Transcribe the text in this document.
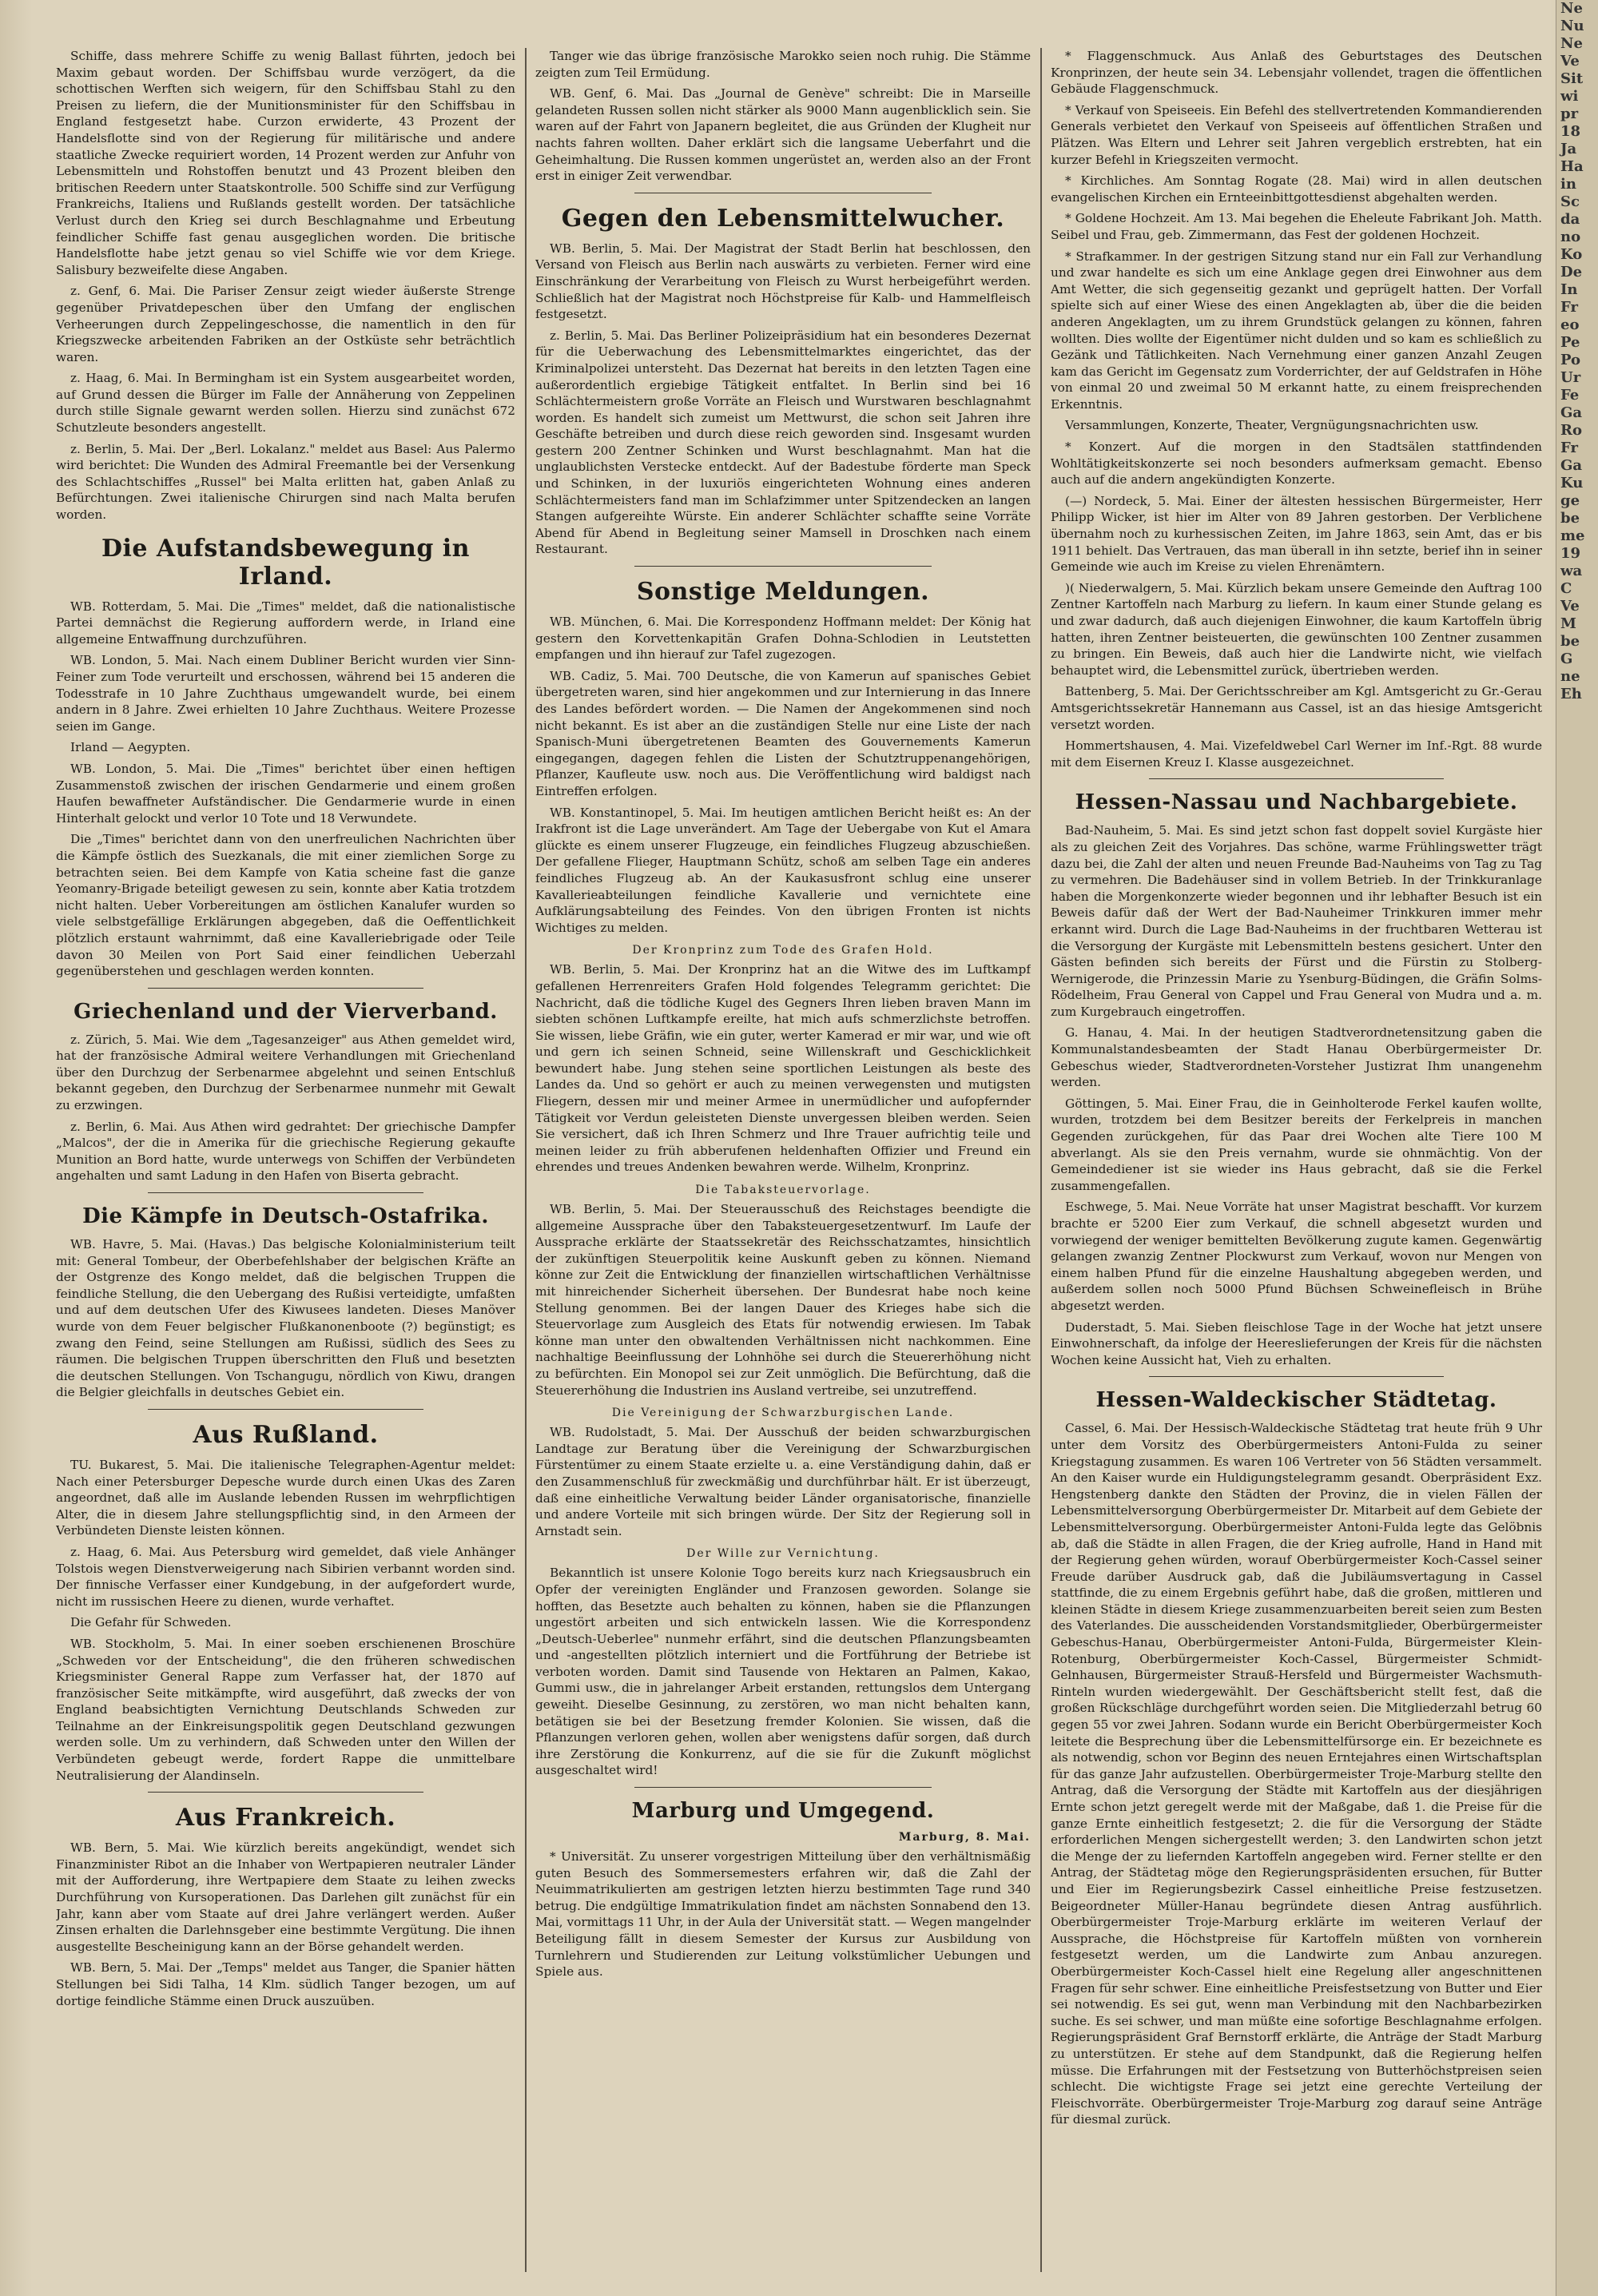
Schiffe, dass mehrere Schiffe zu wenig Ballast führten, jedoch bei Maxim gebaut worden. Der Schiffsbau wurde verzögert, da die schottischen Werften sich weigern, für den Schiffsbau Stahl zu den Preisen zu liefern, die der Munitionsminister für den Schiffsbau in England festgesetzt habe. Curzon erwiderte, 43 Prozent der Handelsflotte sind von der Regierung für militärische und andere staatliche Zwecke requiriert worden, 14 Prozent werden zur Anfuhr von Lebensmitteln und Rohstoffen benutzt und 43 Prozent bleiben den britischen Reedern unter Staatskontrolle. 500 Schiffe sind zur Verfügung Frankreichs, Italiens und Rußlands gestellt worden. Der tatsächliche Verlust durch den Krieg sei durch Beschlagnahme und Erbeutung feindlicher Schiffe fast genau ausgeglichen worden. Die britische Handelsflotte habe jetzt genau so viel Schiffe wie vor dem Kriege. Salisbury bezweifelte diese Angaben.

z. Genf, 6. Mai. Die Pariser Zensur zeigt wieder äußerste Strenge gegenüber Privatdepeschen über den Umfang der englischen Verheerungen durch Zeppelingeschosse, die namentlich in den für Kriegszwecke arbeitenden Fabriken an der Ostküste sehr beträchtlich waren.

z. Haag, 6. Mai. In Bermingham ist ein System ausgearbeitet worden, auf Grund dessen die Bürger im Falle der Annäherung von Zeppelinen durch stille Signale gewarnt werden sollen. Hierzu sind zunächst 672 Schutzleute besonders angestellt.

z. Berlin, 5. Mai. Der „Berl. Lokalanz." meldet aus Basel: Aus Palermo wird berichtet: Die Wunden des Admiral Freemantle bei der Versenkung des Schlachtschiffes „Russel" bei Malta erlitten hat, gaben Anlaß zu Befürchtungen. Zwei italienische Chirurgen sind nach Malta berufen worden.

Die Aufstandsbewegung in Irland.

WB. Rotterdam, 5. Mai. Die „Times" meldet, daß die nationalistische Partei demnächst die Regierung auffordern werde, in Irland eine allgemeine Entwaffnung durchzuführen.

WB. London, 5. Mai. Nach einem Dubliner Bericht wurden vier Sinn-Feiner zum Tode verurteilt und erschossen, während bei 15 anderen die Todesstrafe in 10 Jahre Zuchthaus umgewandelt wurde, bei einem andern in 8 Jahre. Zwei erhielten 10 Jahre Zuchthaus. Weitere Prozesse seien im Gange.

Irland — Aegypten.

WB. London, 5. Mai. Die „Times" berichtet über einen heftigen Zusammenstoß zwischen der irischen Gendarmerie und einem großen Haufen bewaffneter Aufständischer. Die Gendarmerie wurde in einen Hinterhalt gelockt und verlor 10 Tote und 18 Verwundete.

Die „Times" berichtet dann von den unerfreulichen Nachrichten über die Kämpfe östlich des Suezkanals, die mit einer ziemlichen Sorge zu betrachten seien. Bei dem Kampfe von Katia scheine fast die ganze Yeomanry-Brigade beteiligt gewesen zu sein, konnte aber Katia trotzdem nicht halten. Ueber Vorbereitungen am östlichen Kanalufer wurden so viele selbstgefällige Erklärungen abgegeben, daß die Oeffentlichkeit plötzlich erstaunt wahrnimmt, daß eine Kavalleriebrigade oder Teile davon 30 Meilen von Port Said einer feindlichen Ueberzahl gegenüberstehen und geschlagen werden konnten.

Griechenland und der Vierverband.

z. Zürich, 5. Mai. Wie dem „Tagesanzeiger" aus Athen gemeldet wird, hat der französische Admiral weitere Verhandlungen mit Griechenland über den Durchzug der Serbenarmee abgelehnt und seinen Entschluß bekannt gegeben, den Durchzug der Serbenarmee nunmehr mit Gewalt zu erzwingen.

z. Berlin, 6. Mai. Aus Athen wird gedrahtet: Der griechische Dampfer „Malcos", der die in Amerika für die griechische Regierung gekaufte Munition an Bord hatte, wurde unterwegs von Schiffen der Verbündeten angehalten und samt Ladung in den Hafen von Biserta gebracht.

Die Kämpfe in Deutsch-Ostafrika.

WB. Havre, 5. Mai. (Havas.) Das belgische Kolonialministerium teilt mit: General Tombeur, der Oberbefehlshaber der belgischen Kräfte an der Ostgrenze des Kongo meldet, daß die belgischen Truppen die feindliche Stellung, die den Uebergang des Rußisi verteidigte, umfaßten und auf dem deutschen Ufer des Kiwusees landeten. Dieses Manöver wurde von dem Feuer belgischer Flußkanonenboote (?) begünstigt; es zwang den Feind, seine Stellungen am Rußissi, südlich des Sees zu räumen. Die belgischen Truppen überschritten den Fluß und besetzten die deutschen Stellungen. Von Tschangugu, nördlich von Kiwu, drangen die Belgier gleichfalls in deutsches Gebiet ein.

Aus Rußland.

TU. Bukarest, 5. Mai. Die italienische Telegraphen-Agentur meldet: Nach einer Petersburger Depesche wurde durch einen Ukas des Zaren angeordnet, daß alle im Auslande lebenden Russen im wehrpflichtigen Alter, die in diesem Jahre stellungspflichtig sind, in den Armeen der Verbündeten Dienste leisten können.

z. Haag, 6. Mai. Aus Petersburg wird gemeldet, daß viele Anhänger Tolstois wegen Dienstverweigerung nach Sibirien verbannt worden sind. Der finnische Verfasser einer Kundgebung, in der aufgefordert wurde, nicht im russischen Heere zu dienen, wurde verhaftet.

Die Gefahr für Schweden.

WB. Stockholm, 5. Mai. In einer soeben erschienenen Broschüre „Schweden vor der Entscheidung", die den früheren schwedischen Kriegsminister General Rappe zum Verfasser hat, der 1870 auf französischer Seite mitkämpfte, wird ausgeführt, daß zwecks der von England beabsichtigten Vernichtung Deutschlands Schweden zur Teilnahme an der Einkreisungspolitik gegen Deutschland gezwungen werden solle. Um zu verhindern, daß Schweden unter den Willen der Verbündeten gebeugt werde, fordert Rappe die unmittelbare Neutralisierung der Alandinseln.

Aus Frankreich.

WB. Bern, 5. Mai. Wie kürzlich bereits angekündigt, wendet sich Finanzminister Ribot an die Inhaber von Wertpapieren neutraler Länder mit der Aufforderung, ihre Wertpapiere dem Staate zu leihen zwecks Durchführung von Kursoperationen. Das Darlehen gilt zunächst für ein Jahr, kann aber vom Staate auf drei Jahre verlängert werden. Außer Zinsen erhalten die Darlehnsgeber eine bestimmte Vergütung. Die ihnen ausgestellte Bescheinigung kann an der Börse gehandelt werden.

WB. Bern, 5. Mai. Der „Temps" meldet aus Tanger, die Spanier hätten Stellungen bei Sidi Talha, 14 Klm. südlich Tanger bezogen, um auf dortige feindliche Stämme einen Druck auszuüben.

Tanger wie das übrige französische Marokko seien noch ruhig. Die Stämme zeigten zum Teil Ermüdung.

WB. Genf, 6. Mai. Das „Journal de Genève" schreibt: Die in Marseille gelandeten Russen sollen nicht stärker als 9000 Mann augenblicklich sein. Sie waren auf der Fahrt von Japanern begleitet, die aus Gründen der Klugheit nur nachts fahren wollten. Daher erklärt sich die langsame Ueberfahrt und die Geheimhaltung. Die Russen kommen ungerüstet an, werden also an der Front erst in einiger Zeit verwendbar.

Gegen den Lebensmittelwucher.

WB. Berlin, 5. Mai. Der Magistrat der Stadt Berlin hat beschlossen, den Versand von Fleisch aus Berlin nach auswärts zu verbieten. Ferner wird eine Einschränkung der Verarbeitung von Fleisch zu Wurst herbeigeführt werden. Schließlich hat der Magistrat noch Höchstpreise für Kalb- und Hammelfleisch festgesetzt.

z. Berlin, 5. Mai. Das Berliner Polizeipräsidium hat ein besonderes Dezernat für die Ueberwachung des Lebensmittelmarktes eingerichtet, das der Kriminalpolizei untersteht. Das Dezernat hat bereits in den letzten Tagen eine außerordentlich ergiebige Tätigkeit entfaltet. In Berlin sind bei 16 Schlächtermeistern große Vorräte an Fleisch und Wurstwaren beschlagnahmt worden. Es handelt sich zumeist um Mettwurst, die schon seit Jahren ihre Geschäfte betreiben und durch diese reich geworden sind. Insgesamt wurden gestern 200 Zentner Schinken und Wurst beschlagnahmt. Man hat die unglaublichsten Verstecke entdeckt. Auf der Badestube förderte man Speck und Schinken, in der luxuriös eingerichteten Wohnung eines anderen Schlächtermeisters fand man im Schlafzimmer unter Spitzendecken an langen Stangen aufgereihte Würste. Ein anderer Schlächter schaffte seine Vorräte Abend für Abend in Begleitung seiner Mamsell in Droschken nach einem Restaurant.

Sonstige Meldungen.

WB. München, 6. Mai. Die Korrespondenz Hoffmann meldet: Der König hat gestern den Korvettenkapitän Grafen Dohna-Schlodien in Leutstetten empfangen und ihn hierauf zur Tafel zugezogen.

WB. Cadiz, 5. Mai. 700 Deutsche, die von Kamerun auf spanisches Gebiet übergetreten waren, sind hier angekommen und zur Internierung in das Innere des Landes befördert worden. — Die Namen der Angekommenen sind noch nicht bekannt. Es ist aber an die zuständigen Stelle nur eine Liste der nach Spanisch-Muni übergetretenen Beamten des Gouvernements Kamerun eingegangen, dagegen fehlen die Listen der Schutztruppenangehörigen, Pflanzer, Kaufleute usw. noch aus. Die Veröffentlichung wird baldigst nach Eintreffen erfolgen.

WB. Konstantinopel, 5. Mai. Im heutigen amtlichen Bericht heißt es: An der Irakfront ist die Lage unverändert. Am Tage der Uebergabe von Kut el Amara glückte es einem unserer Flugzeuge, ein feindliches Flugzeug abzuschießen. Der gefallene Flieger, Hauptmann Schütz, schoß am selben Tage ein anderes feindliches Flugzeug ab. An der Kaukasusfront schlug eine unserer Kavallerieabteilungen feindliche Kavallerie und vernichtete eine Aufklärungsabteilung des Feindes. Von den übrigen Fronten ist nichts Wichtiges zu melden.

Der Kronprinz zum Tode des Grafen Hold.

WB. Berlin, 5. Mai. Der Kronprinz hat an die Witwe des im Luftkampf gefallenen Herrenreiters Grafen Hold folgendes Telegramm gerichtet: Die Nachricht, daß die tödliche Kugel des Gegners Ihren lieben braven Mann im siebten schönen Luftkampfe ereilte, hat mich aufs schmerzlichste betroffen. Sie wissen, liebe Gräfin, wie ein guter, werter Kamerad er mir war, und wie oft und gern ich seinen Schneid, seine Willenskraft und Geschicklichkeit bewundert habe. Jung stehen seine sportlichen Leistungen als beste des Landes da. Und so gehört er auch zu meinen verwegensten und mutigsten Fliegern, dessen mir und meiner Armee in unermüdlicher und aufopfernder Tätigkeit vor Verdun geleisteten Dienste unvergessen bleiben werden. Seien Sie versichert, daß ich Ihren Schmerz und Ihre Trauer aufrichtig teile und meinen leider zu früh abberufenen heldenhaften Offizier und Freund ein ehrendes und treues Andenken bewahren werde. Wilhelm, Kronprinz.

Die Tabaksteuervorlage.

WB. Berlin, 5. Mai. Der Steuerausschuß des Reichstages beendigte die allgemeine Aussprache über den Tabaksteuergesetzentwurf. Im Laufe der Aussprache erklärte der Staatssekretär des Reichsschatzamtes, hinsichtlich der zukünftigen Steuerpolitik keine Auskunft geben zu können. Niemand könne zur Zeit die Entwicklung der finanziellen wirtschaftlichen Verhältnisse mit hinreichender Sicherheit übersehen. Der Bundesrat habe noch keine Stellung genommen. Bei der langen Dauer des Krieges habe sich die Steuervorlage zum Ausgleich des Etats für notwendig erwiesen. Im Tabak könne man unter den obwaltenden Verhältnissen nicht nachkommen. Eine nachhaltige Beeinflussung der Lohnhöhe sei durch die Steuererhöhung nicht zu befürchten. Ein Monopol sei zur Zeit unmöglich. Die Befürchtung, daß die Steuererhöhung die Industrien ins Ausland vertreibe, sei unzutreffend.

Die Vereinigung der Schwarzburgischen Lande.

WB. Rudolstadt, 5. Mai. Der Ausschuß der beiden schwarzburgischen Landtage zur Beratung über die Vereinigung der Schwarzburgischen Fürstentümer zu einem Staate erzielte u. a. eine Verständigung dahin, daß er den Zusammenschluß für zweckmäßig und durchführbar hält. Er ist überzeugt, daß eine einheitliche Verwaltung beider Länder organisatorische, finanzielle und andere Vorteile mit sich bringen würde. Der Sitz der Regierung soll in Arnstadt sein.

Der Wille zur Vernichtung.

Bekanntlich ist unsere Kolonie Togo bereits kurz nach Kriegsausbruch ein Opfer der vereinigten Engländer und Franzosen geworden. Solange sie hofften, das Besetzte auch behalten zu können, haben sie die Pflanzungen ungestört arbeiten und sich entwickeln lassen. Wie die Korrespondenz „Deutsch-Ueberlee" nunmehr erfährt, sind die deutschen Pflanzungsbeamten und -angestellten plötzlich interniert und die Fortführung der Betriebe ist verboten worden. Damit sind Tausende von Hektaren an Palmen, Kakao, Gummi usw., die in jahrelanger Arbeit erstanden, rettungslos dem Untergang geweiht. Dieselbe Gesinnung, zu zerstören, wo man nicht behalten kann, betätigen sie bei der Besetzung fremder Kolonien. Sie wissen, daß die Pflanzungen verloren gehen, wollen aber wenigstens dafür sorgen, daß durch ihre Zerstörung die Konkurrenz, auf die sie für die Zukunft möglichst ausgeschaltet wird!

Marburg und Umgegend.
Marburg, 8. Mai.

* Universität. Zu unserer vorgestrigen Mitteilung über den verhältnismäßig guten Besuch des Sommersemesters erfahren wir, daß die Zahl der Neuimmatrikulierten am gestrigen letzten hierzu bestimmten Tage rund 340 betrug. Die endgültige Immatrikulation findet am nächsten Sonnabend den 13. Mai, vormittags 11 Uhr, in der Aula der Universität statt. — Wegen mangelnder Beteiligung fällt in diesem Semester der Kursus zur Ausbildung von Turnlehrern und Studierenden zur Leitung volkstümlicher Uebungen und Spiele aus.

* Flaggenschmuck. Aus Anlaß des Geburtstages des Deutschen Kronprinzen, der heute sein 34. Lebensjahr vollendet, tragen die öffentlichen Gebäude Flaggenschmuck.

* Verkauf von Speiseeis. Ein Befehl des stellvertretenden Kommandierenden Generals verbietet den Verkauf von Speiseeis auf öffentlichen Straßen und Plätzen. Was Eltern und Lehrer seit Jahren vergeblich erstrebten, hat ein kurzer Befehl in Kriegszeiten vermocht.

* Kirchliches. Am Sonntag Rogate (28. Mai) wird in allen deutschen evangelischen Kirchen ein Ernteeinbittgottesdienst abgehalten werden.

* Goldene Hochzeit. Am 13. Mai begehen die Eheleute Fabrikant Joh. Matth. Seibel und Frau, geb. Zimmermann, das Fest der goldenen Hochzeit.

* Strafkammer. In der gestrigen Sitzung stand nur ein Fall zur Verhandlung und zwar handelte es sich um eine Anklage gegen drei Einwohner aus dem Amt Wetter, die sich gegenseitig gezankt und geprügelt hatten. Der Vorfall spielte sich auf einer Wiese des einen Angeklagten ab, über die die beiden anderen Angeklagten, um zu ihrem Grundstück gelangen zu können, fahren wollten. Dies wollte der Eigentümer nicht dulden und so kam es schließlich zu Gezänk und Tätlichkeiten. Nach Vernehmung einer ganzen Anzahl Zeugen kam das Gericht im Gegensatz zum Vorderrichter, der auf Geldstrafen in Höhe von einmal 20 und zweimal 50 M erkannt hatte, zu einem freisprechenden Erkenntnis.

Versammlungen, Konzerte, Theater, Vergnügungsnachrichten usw.

* Konzert. Auf die morgen in den Stadtsälen stattfindenden Wohltätigkeitskonzerte sei noch besonders aufmerksam gemacht. Ebenso auch auf die andern angekündigten Konzerte.

(—) Nordeck, 5. Mai. Einer der ältesten hessischen Bürgermeister, Herr Philipp Wicker, ist hier im Alter von 89 Jahren gestorben. Der Verblichene übernahm noch zu kurhessischen Zeiten, im Jahre 1863, sein Amt, das er bis 1911 behielt. Das Vertrauen, das man überall in ihn setzte, berief ihn in seiner Gemeinde wie auch im Kreise zu vielen Ehrenämtern.

)( Niederwalgern, 5. Mai. Kürzlich bekam unsere Gemeinde den Auftrag 100 Zentner Kartoffeln nach Marburg zu liefern. In kaum einer Stunde gelang es und zwar dadurch, daß auch diejenigen Einwohner, die kaum Kartoffeln übrig hatten, ihren Zentner beisteuerten, die gewünschten 100 Zentner zusammen zu bringen. Ein Beweis, daß auch hier die Landwirte nicht, wie vielfach behauptet wird, die Lebensmittel zurück, übertrieben werden.

Battenberg, 5. Mai. Der Gerichtsschreiber am Kgl. Amtsgericht zu Gr.-Gerau Amtsgerichtssekretär Hannemann aus Cassel, ist an das hiesige Amtsgericht versetzt worden.

Hommertshausen, 4. Mai. Vizefeldwebel Carl Werner im Inf.-Rgt. 88 wurde mit dem Eisernen Kreuz I. Klasse ausgezeichnet.

Hessen-Nassau und Nachbargebiete.

Bad-Nauheim, 5. Mai. Es sind jetzt schon fast doppelt soviel Kurgäste hier als zu gleichen Zeit des Vorjahres. Das schöne, warme Frühlingswetter trägt dazu bei, die Zahl der alten und neuen Freunde Bad-Nauheims von Tag zu Tag zu vermehren. Die Badehäuser sind in vollem Betrieb. In der Trinkkuranlage haben die Morgenkonzerte wieder begonnen und ihr lebhafter Besuch ist ein Beweis dafür daß der Wert der Bad-Nauheimer Trinkkuren immer mehr erkannt wird. Durch die Lage Bad-Nauheims in der fruchtbaren Wetterau ist die Versorgung der Kurgäste mit Lebensmitteln bestens gesichert. Unter den Gästen befinden sich bereits der Fürst und die Fürstin zu Stolberg-Wernigerode, die Prinzessin Marie zu Ysenburg-Büdingen, die Gräfin Solms-Rödelheim, Frau General von Cappel und Frau General von Mudra und a. m. zum Kurgebrauch eingetroffen.

G. Hanau, 4. Mai. In der heutigen Stadtverordnetensitzung gaben die Kommunalstandesbeamten der Stadt Hanau Oberbürgermeister Dr. Gebeschus wieder, Stadtverordneten-Vorsteher Justizrat Ihm unangenehm werden.

Göttingen, 5. Mai. Einer Frau, die in Geinholterode Ferkel kaufen wollte, wurden, trotzdem bei dem Besitzer bereits der Ferkelpreis in manchen Gegenden zurückgehen, für das Paar drei Wochen alte Tiere 100 M abverlangt. Als sie den Preis vernahm, wurde sie ohnmächtig. Von der Gemeindediener ist sie wieder ins Haus gebracht, daß sie die Ferkel zusammengefallen.

Eschwege, 5. Mai. Neue Vorräte hat unser Magistrat beschafft. Vor kurzem brachte er 5200 Eier zum Verkauf, die schnell abgesetzt wurden und vorwiegend der weniger bemittelten Bevölkerung zugute kamen. Gegenwärtig gelangen zwanzig Zentner Plockwurst zum Verkauf, wovon nur Mengen von einem halben Pfund für die einzelne Haushaltung abgegeben werden, und außerdem sollen noch 5000 Pfund Büchsen Schweinefleisch in Brühe abgesetzt werden.

Duderstadt, 5. Mai. Sieben fleischlose Tage in der Woche hat jetzt unsere Einwohnerschaft, da infolge der Heereslieferungen der Kreis für die nächsten Wochen keine Aussicht hat, Vieh zu erhalten.

Hessen-Waldeckischer Städtetag.

Cassel, 6. Mai. Der Hessisch-Waldeckische Städtetag trat heute früh 9 Uhr unter dem Vorsitz des Oberbürgermeisters Antoni-Fulda zu seiner Kriegstagung zusammen. Es waren 106 Vertreter von 56 Städten versammelt. An den Kaiser wurde ein Huldigungstelegramm gesandt. Oberpräsident Exz. Hengstenberg dankte den Städten der Provinz, die in vielen Fällen der Lebensmittelversorgung Oberbürgermeister Dr. Mitarbeit auf dem Gebiete der Lebensmittelversorgung. Oberbürgermeister Antoni-Fulda legte das Gelöbnis ab, daß die Städte in allen Fragen, die der Krieg aufrolle, Hand in Hand mit der Regierung gehen würden, worauf Oberbürgermeister Koch-Cassel seiner Freude darüber Ausdruck gab, daß die Jubiläumsvertagung in Cassel stattfinde, die zu einem Ergebnis geführt habe, daß die großen, mittleren und kleinen Städte in diesem Kriege zusammenzuarbeiten bereit seien zum Besten des Vaterlandes. Die ausscheidenden Vorstandsmitglieder, Oberbürgermeister Gebeschus-Hanau, Oberbürgermeister Antoni-Fulda, Bürgermeister Klein-Rotenburg, Oberbürgermeister Koch-Cassel, Bürgermeister Schmidt-Gelnhausen, Bürgermeister Strauß-Hersfeld und Bürgermeister Wachsmuth-Rinteln wurden wiedergewählt. Der Geschäftsbericht stellt fest, daß die großen Rückschläge durchgeführt worden seien. Die Mitgliederzahl betrug 60 gegen 55 vor zwei Jahren. Sodann wurde ein Bericht Oberbürgermeister Koch leitete die Besprechung über die Lebensmittelfürsorge ein. Er bezeichnete es als notwendig, schon vor Beginn des neuen Erntejahres einen Wirtschaftsplan für das ganze Jahr aufzustellen. Oberbürgermeister Troje-Marburg stellte den Antrag, daß die Versorgung der Städte mit Kartoffeln aus der diesjährigen Ernte schon jetzt geregelt werde mit der Maßgabe, daß 1. die Preise für die ganze Ernte einheitlich festgesetzt; 2. die für die Versorgung der Städte erforderlichen Mengen sichergestellt werden; 3. den Landwirten schon jetzt die Menge der zu liefernden Kartoffeln angegeben wird. Ferner stellte er den Antrag, der Städtetag möge den Regierungspräsidenten ersuchen, für Butter und Eier im Regierungsbezirk Cassel einheitliche Preise festzusetzen. Beigeordneter Müller-Hanau begründete diesen Antrag ausführlich. Oberbürgermeister Troje-Marburg erklärte im weiteren Verlauf der Aussprache, die Höchstpreise für Kartoffeln müßten von vornherein festgesetzt werden, um die Landwirte zum Anbau anzuregen. Oberbürgermeister Koch-Cassel hielt eine Regelung aller angeschnittenen Fragen für sehr schwer. Eine einheitliche Preisfestsetzung von Butter und Eier sei notwendig. Es sei gut, wenn man Verbindung mit den Nachbarbezirken suche. Es sei schwer, und man müßte eine sofortige Beschlagnahme erfolgen. Regierungspräsident Graf Bernstorff erklärte, die Anträge der Stadt Marburg zu unterstützen. Er stehe auf dem Standpunkt, daß die Regierung helfen müsse. Die Erfahrungen mit der Festsetzung von Butterhöchstpreisen seien schlecht. Die wichtigste Frage sei jetzt eine gerechte Verteilung der Fleischvorräte. Oberbürgermeister Troje-Marburg zog darauf seine Anträge für diesmal zurück.

Ne
Nu
Ne
Ve
Sit
wi
pr
18
Ja
Ha
in
Sc
da
no
Ko
De
In
Fr
eo
Pe
Po
Ur
Fe
Ga
Ro
Fr
Ga
Ku
ge
be
me
19
wa
C
Ve
M
be
G
ne
Eh
